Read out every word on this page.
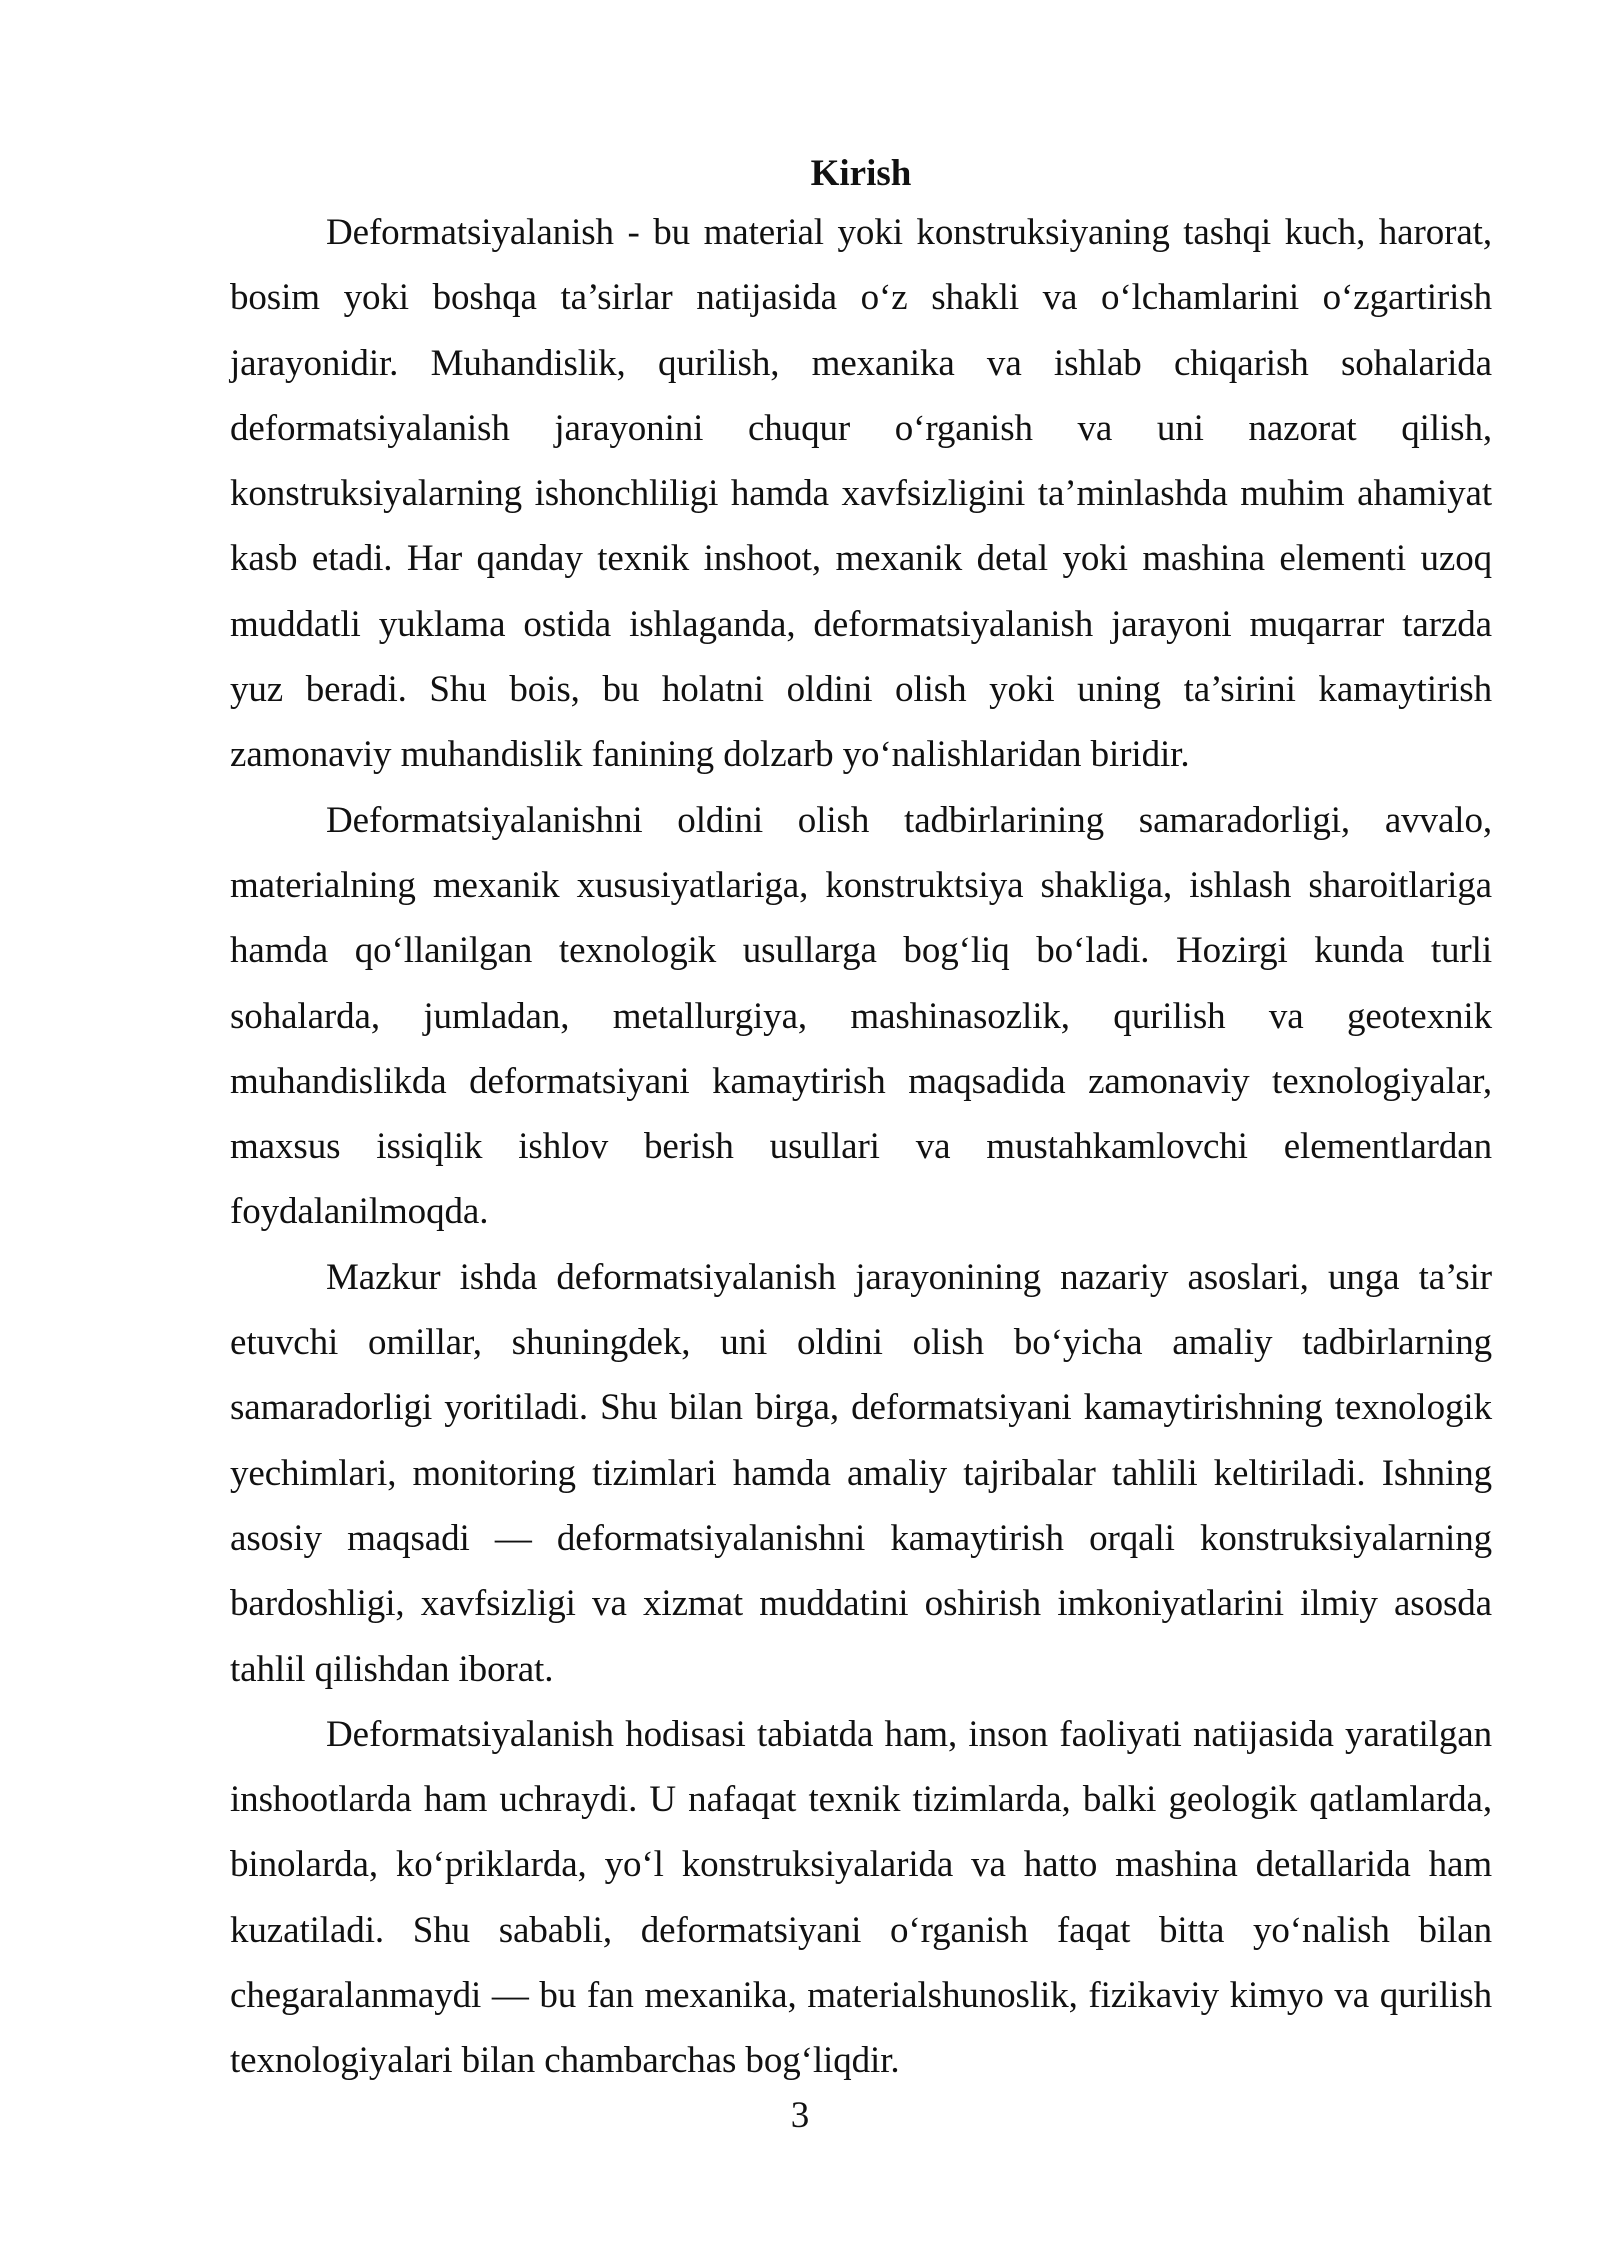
Kirish

Deformatsiyalanish - bu material yoki konstruksiyaning tashqi kuch, harorat, bosim yoki boshqa ta’sirlar natijasida o‘z shakli va o‘lchamlarini o‘zgartirish jarayonidir. Muhandislik, qurilish, mexanika va ishlab chiqarish sohalarida deformatsiyalanish jarayonini chuqur o‘rganish va uni nazorat qilish, konstruksiyalarning ishonchliligi hamda xavfsizligini ta’minlashda muhim ahamiyat kasb etadi. Har qanday texnik inshoot, mexanik detal yoki mashina elementi uzoq muddatli yuklama ostida ishlaganda, deformatsiyalanish jarayoni muqarrar tarzda yuz beradi. Shu bois, bu holatni oldini olish yoki uning ta’sirini kamaytirish zamonaviy muhandislik fanining dolzarb yo‘nalishlaridan biridir.

Deformatsiyalanishni oldini olish tadbirlarining samaradorligi, avvalo, materialning mexanik xususiyatlariga, konstruktsiya shakliga, ishlash sharoitlariga hamda qo‘llanilgan texnologik usullarga bog‘liq bo‘ladi. Hozirgi kunda turli sohalarda, jumladan, metallurgiya, mashinasozlik, qurilish va geotexnik muhandislikda deformatsiyani kamaytirish maqsadida zamonaviy texnologiyalar, maxsus issiqlik ishlov berish usullari va mustahkamlovchi elementlardan foydalanilmoqda.

Mazkur ishda deformatsiyalanish jarayonining nazariy asoslari, unga ta’sir etuvchi omillar, shuningdek, uni oldini olish bo‘yicha amaliy tadbirlarning samaradorligi yoritiladi. Shu bilan birga, deformatsiyani kamaytirishning texnologik yechimlari, monitoring tizimlari hamda amaliy tajribalar tahlili keltiriladi. Ishning asosiy maqsadi — deformatsiyalanishni kamaytirish orqali konstruksiyalarning bardoshligi, xavfsizligi va xizmat muddatini oshirish imkoniyatlarini ilmiy asosda tahlil qilishdan iborat.

Deformatsiyalanish hodisasi tabiatda ham, inson faoliyati natijasida yaratilgan inshootlarda ham uchraydi. U nafaqat texnik tizimlarda, balki geologik qatlamlarda, binolarda, ko‘priklarda, yo‘l konstruksiyalarida va hatto mashina detallarida ham kuzatiladi. Shu sababli, deformatsiyani o‘rganish faqat bitta yo‘nalish bilan chegaralanmaydi — bu fan mexanika, materialshunoslik, fizikaviy kimyo va qurilish texnologiyalari bilan chambarchas bog‘liqdir.

3
